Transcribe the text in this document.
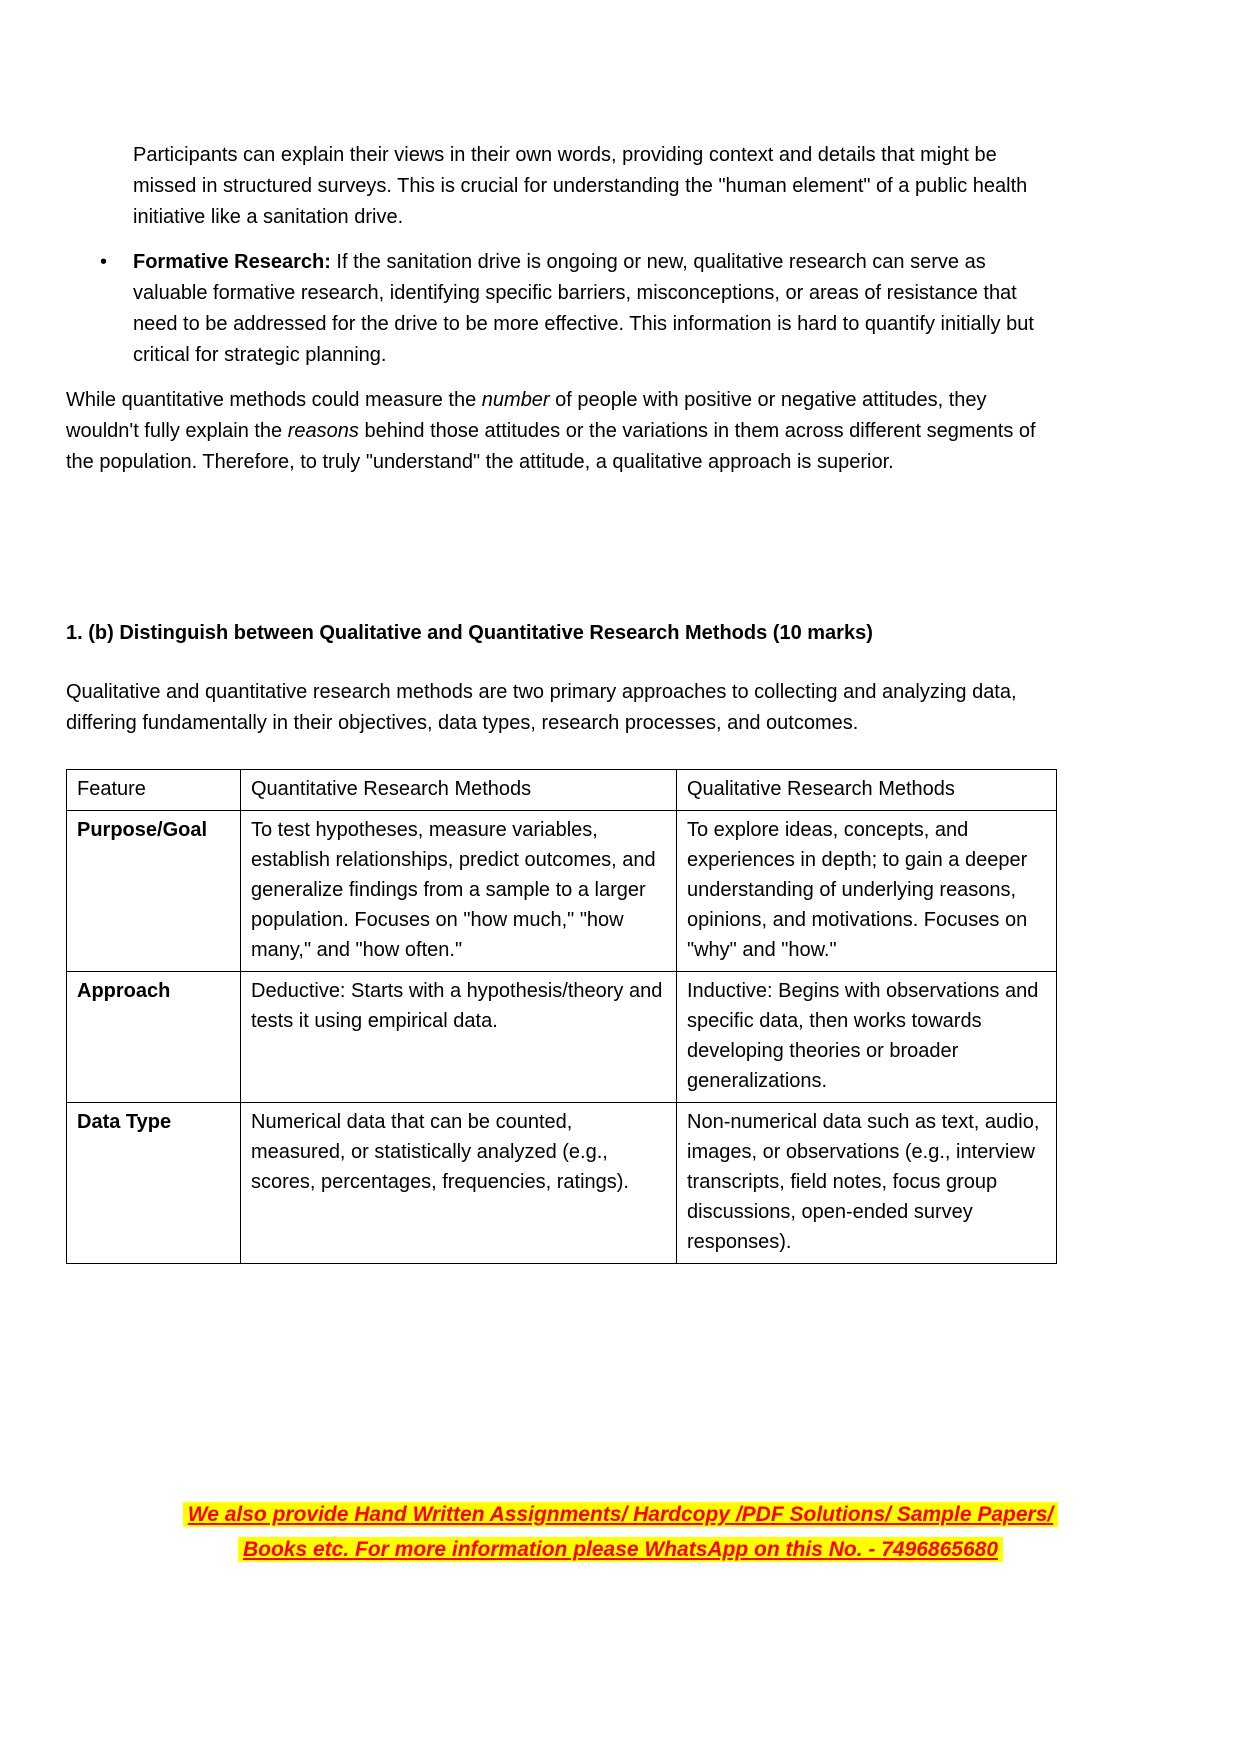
Participants can explain their views in their own words, providing context and details that might be missed in structured surveys. This is crucial for understanding the "human element" of a public health initiative like a sanitation drive.

•	Formative Research: If the sanitation drive is ongoing or new, qualitative research can serve as valuable formative research, identifying specific barriers, misconceptions, or areas of resistance that need to be addressed for the drive to be more effective. This information is hard to quantify initially but critical for strategic planning.

While quantitative methods could measure the number of people with positive or negative attitudes, they wouldn't fully explain the reasons behind those attitudes or the variations in them across different segments of the population. Therefore, to truly "understand" the attitude, a qualitative approach is superior.

1. (b) Distinguish between Qualitative and Quantitative Research Methods (10 marks)

Qualitative and quantitative research methods are two primary approaches to collecting and analyzing data, differing fundamentally in their objectives, data types, research processes, and outcomes.

Feature	Quantitative Research Methods	Qualitative Research Methods
Purpose/Goal	To test hypotheses, measure variables, establish relationships, predict outcomes, and generalize findings from a sample to a larger population. Focuses on "how much," "how many," and "how often."	To explore ideas, concepts, and experiences in depth; to gain a deeper understanding of underlying reasons, opinions, and motivations. Focuses on "why" and "how."
Approach	Deductive: Starts with a hypothesis/theory and tests it using empirical data.	Inductive: Begins with observations and specific data, then works towards developing theories or broader generalizations.
Data Type	Numerical data that can be counted, measured, or statistically analyzed (e.g., scores, percentages, frequencies, ratings).	Non-numerical data such as text, audio, images, or observations (e.g., interview transcripts, field notes, focus group discussions, open-ended survey responses).
We also provide Hand Written Assignments/ Hardcopy /PDF Solutions/ Sample Papers/
Books etc. For more information please WhatsApp on this No. - 7496865680
